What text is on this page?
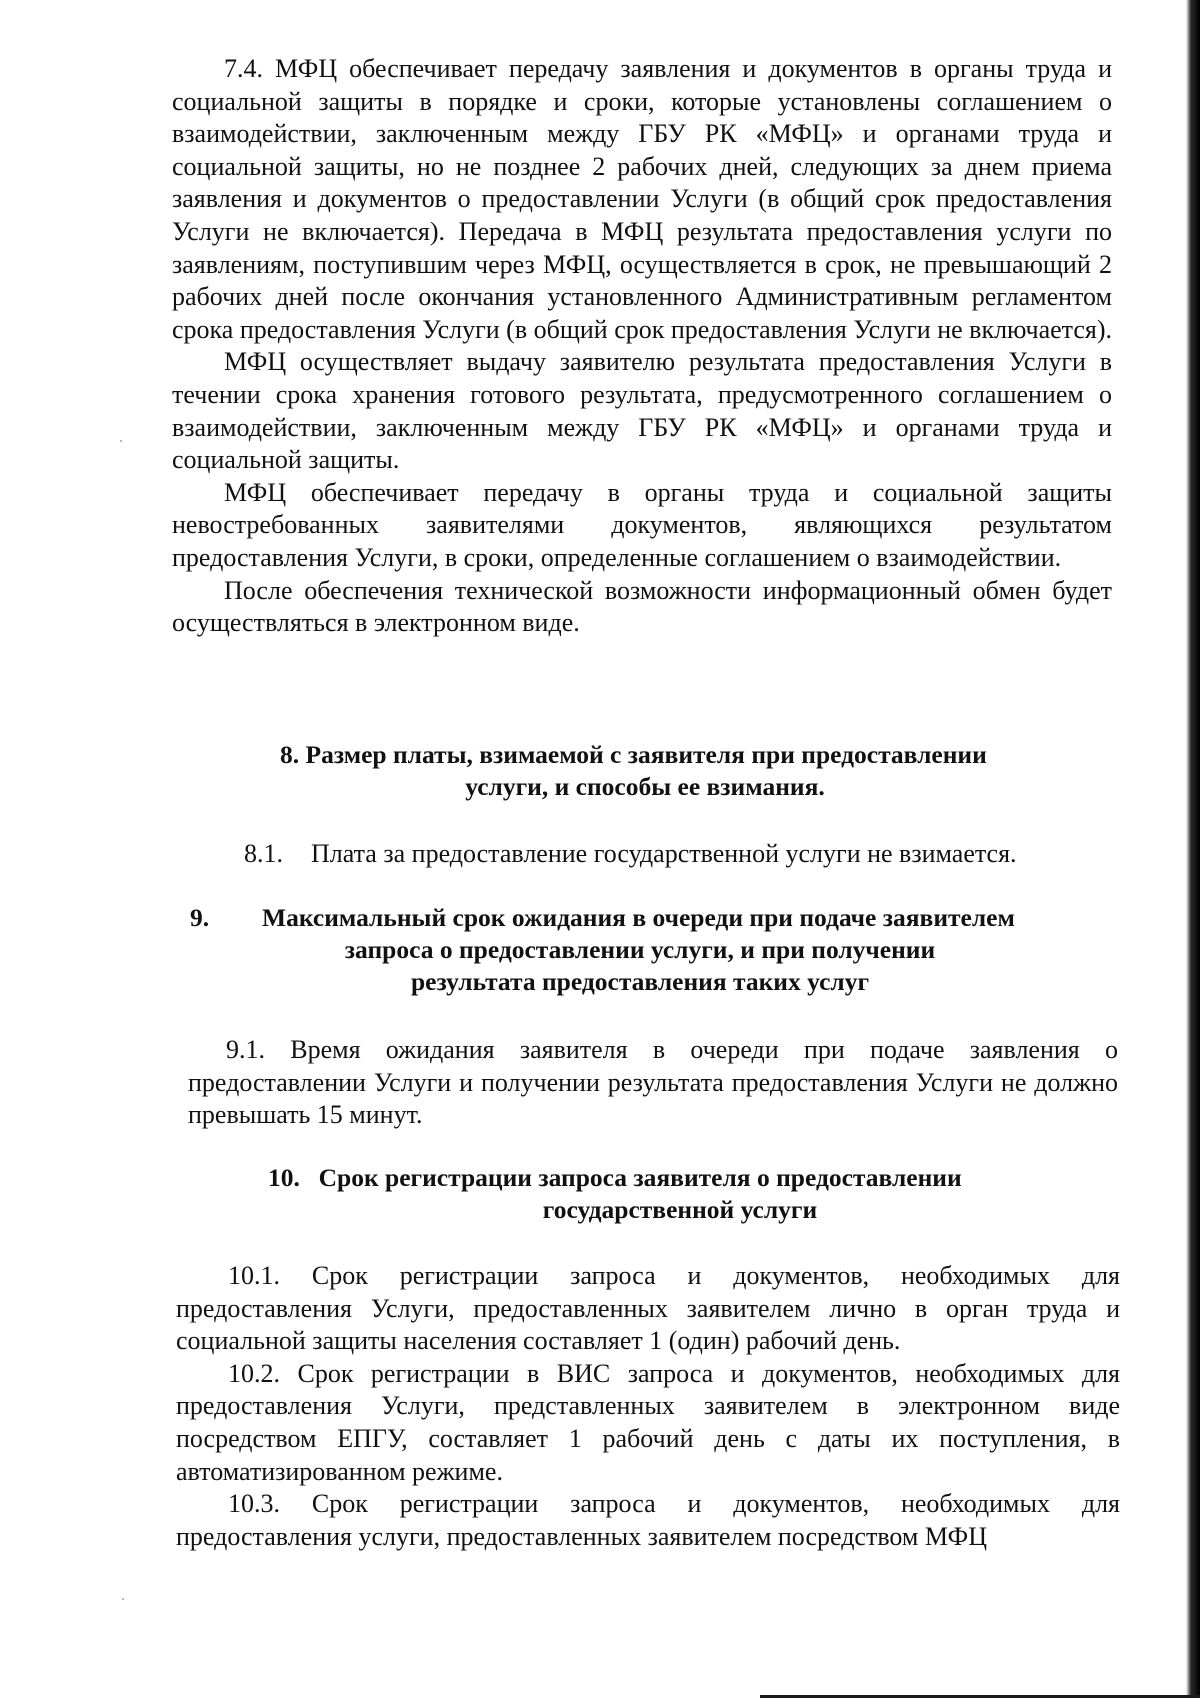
7.4. МФЦ обеспечивает передачу заявления и документов в органы труда и социальной защиты в порядке и сроки, которые установлены соглашением о взаимодействии, заключенным между ГБУ РК «МФЦ» и органами труда и социальной защиты, но не позднее 2 рабочих дней, следующих за днем приема заявления и документов о предоставлении Услуги (в общий срок предоставления Услуги не включается). Передача в МФЦ результата предоставления услуги по заявлениям, поступившим через МФЦ, осуществляется в срок, не превышающий 2 рабочих дней после окончания установленного Административным регламентом срока предоставления Услуги (в общий срок предоставления Услуги не включается).

МФЦ осуществляет выдачу заявителю результата предоставления Услуги в течении срока хранения готового результата, предусмотренного соглашением о взаимодействии, заключенным между ГБУ РК «МФЦ» и органами труда и социальной защиты.

МФЦ обеспечивает передачу в органы труда и социальной защиты невостребованных заявителями документов, являющихся результатом предоставления Услуги, в сроки, определенные соглашением о взаимодействии.

После обеспечения технической возможности информационный обмен будет осуществляться в электронном виде.

8. Размер платы, взимаемой с заявителя при предоставлении
услуги, и способы ее взимания.
8.1. Плата за предоставление государственной услуги не взимается.
9. Максимальный срок ожидания в очереди при подаче заявителем
запроса о предоставлении услуги, и при получении
результата предоставления таких услуг

9.1. Время ожидания заявителя в очереди при подаче заявления о предоставлении Услуги и получении результата предоставления Услуги не должно превышать 15 минут.

10. Срок регистрации запроса заявителя о предоставлении
государственной услуги

10.1. Срок регистрации запроса и документов, необходимых для предоставления Услуги, предоставленных заявителем лично в орган труда и социальной защиты населения составляет 1 (один) рабочий день.

10.2. Срок регистрации в ВИС запроса и документов, необходимых для предоставления Услуги, представленных заявителем в электронном виде посредством ЕПГУ, составляет 1 рабочий день с даты их поступления, в автоматизированном режиме.

10.3. Срок регистрации запроса и документов, необходимых для предоставления услуги, предоставленных заявителем посредством МФЦ
